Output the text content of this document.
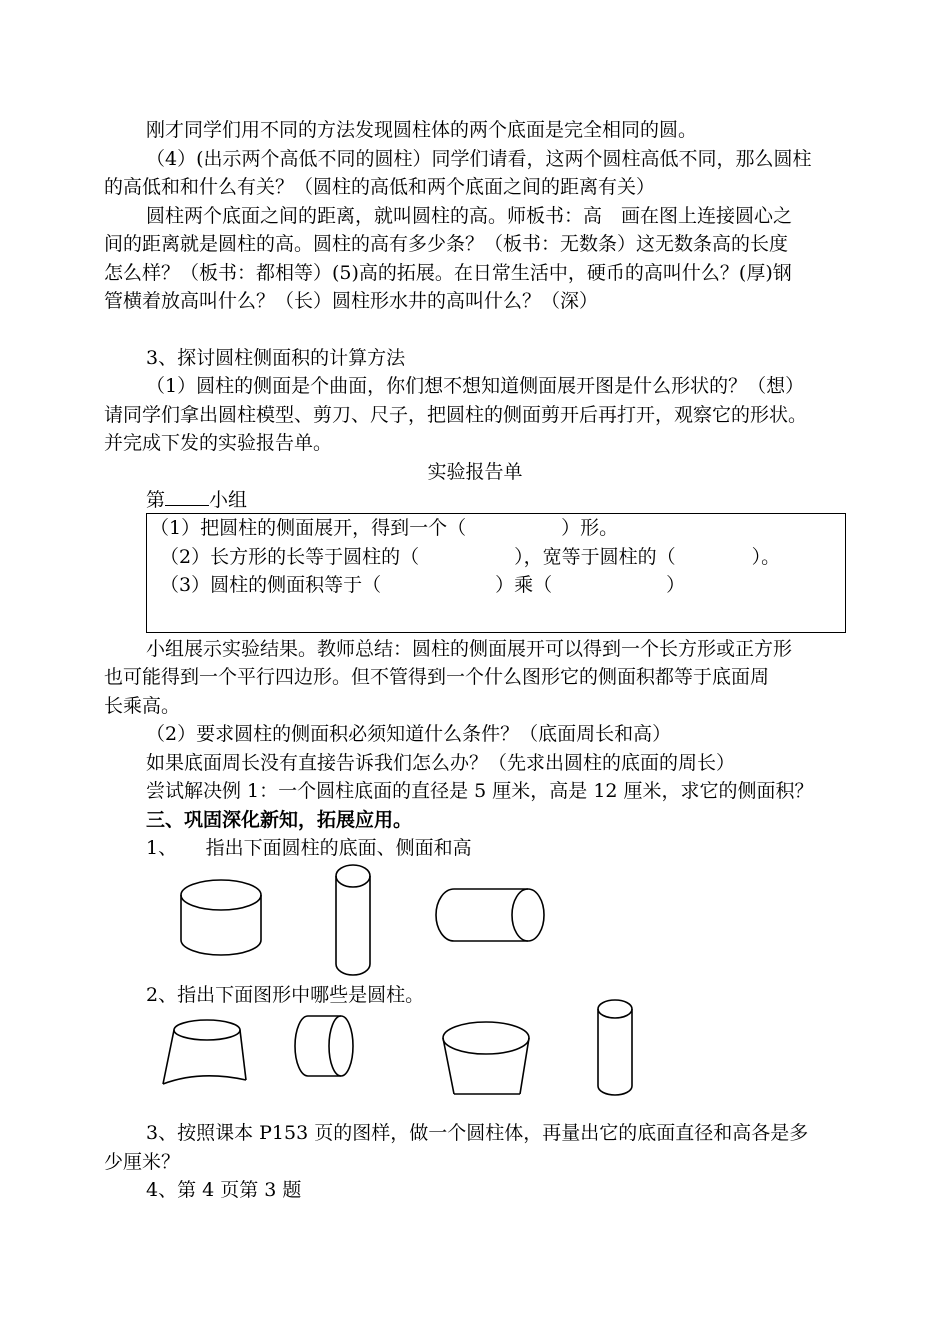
刚才同学们用不同的方法发现圆柱体的两个底面是完全相同的圆。
（4）(出示两个高低不同的圆柱）同学们请看，这两个圆柱高低不同，那么圆柱
的高低和和什么有关？（圆柱的高低和两个底面之间的距离有关）
圆柱两个底面之间的距离，就叫圆柱的高。师板书：高　画在图上连接圆心之
间的距离就是圆柱的高。圆柱的高有多少条？（板书：无数条）这无数条高的长度
怎么样？（板书：都相等）(5)高的拓展。在日常生活中，硬币的高叫什么？(厚)钢
管横着放高叫什么？（长）圆柱形水井的高叫什么？（深）
3、探讨圆柱侧面积的计算方法
（1）圆柱的侧面是个曲面，你们想不想知道侧面展开图是什么形状的？（想）
请同学们拿出圆柱模型、剪刀、尺子，把圆柱的侧面剪开后再打开，观察它的形状。
并完成下发的实验报告单。
实验报告单
第 小组
（1）把圆柱的侧面展开，得到一个（　　　　　）形。
（2）长方形的长等于圆柱的（　　　　　），宽等于圆柱的（　　　　）。
（3）圆柱的侧面积等于（　　　　　　）乘（　　　　　　）
小组展示实验结果。教师总结：圆柱的侧面展开可以得到一个长方形或正方形
也可能得到一个平行四边形。但不管得到一个什么图形它的侧面积都等于底面周
长乘高。
（2）要求圆柱的侧面积必须知道什么条件？（底面周长和高）
如果底面周长没有直接告诉我们怎么办？（先求出圆柱的底面的周长）
尝试解决例 1：一个圆柱底面的直径是 5 厘米，高是 12 厘米，求它的侧面积？
三、巩固深化新知，拓展应用。
1、　　指出下面圆柱的底面、侧面和高
2、指出下面图形中哪些是圆柱。
3、按照课本 P153 页的图样，做一个圆柱体，再量出它的底面直径和高各是多
少厘米？
4、第 4 页第 3 题
